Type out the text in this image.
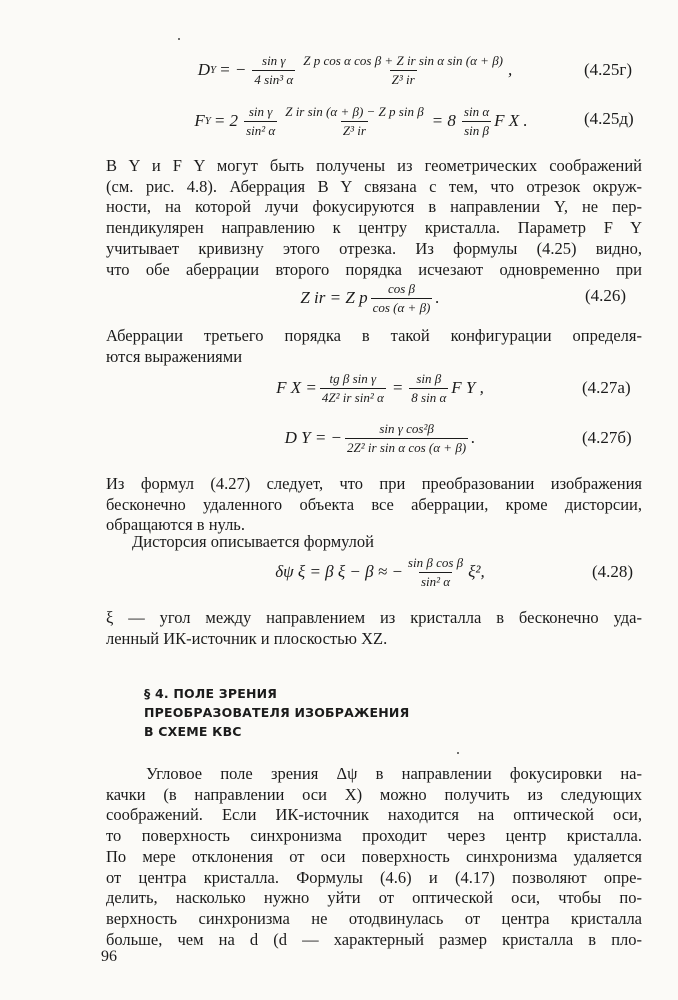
D Y = − $\frac{\text{sin γ}}{\text{4 sin³ α}} \frac{\text{Z p cos α cos β + Z ir sin α sin (α + β)}}{\text{Z³ ir}}$ ,	(4.25г)
F $Y = 2 \frac{\text{sin γ}}{\text{sin² α}} \frac{\text{Z ir sin (α + β) − Z p sin β}}{\text{Z³ ir}} = 8 \frac{\text{sin α}}{\text{sin β}}$ F X .	(4.25д)
B Y и F Y могут быть получены из геометрических соображений
(см. рис. 4.8). Аберрация B Y связана с тем, что отрезок окруж-
ности, на которой лучи фокусируются в направлении Y, не пер-
пендикулярен направлению к центру кристалла. Параметр F Y
учитывает кривизну этого отрезка. Из формулы (4.25) видно,
что обе аберрации второго порядка исчезают одновременно при
Z ir = Z p $\frac{\text{cos β}}{\cos (\alpha + \beta)}$ .	(4.26)
Аберрации третьего порядка в такой конфигурации определя-
ются выражениями
F $X = \frac{\text{tg β sin γ}}{\text{4Z² ir sin² α}} = \frac{\text{sin β}}{\text{8 sin α}}$ F Y ,	(4.27а)
D Y = − $\frac{\text{sin γ cos²β}}{\text{2Z² ir sin α cos (α + β)}}$ .	(4.27б)
Из формул (4.27) следует, что при преобразовании изображения
бесконечно удаленного объекта все аберрации, кроме дисторсии,
обращаются в нуль.
Дисторсия описывается формулой
δψ ξ = β ξ − β ≈ − $\frac{\text{sin β cos β}}{\text{sin² α}} \xi^2$,	(4.28)
ξ — угол между направлением из кристалла в бесконечно уда-
ленный ИК-источник и плоскостью XZ.
§ 4. ПОЛЕ ЗРЕНИЯ
ПРЕОБРАЗОВАТЕЛЯ ИЗОБРАЖЕНИЯ
В СХЕМЕ КВС
Угловое поле зрения Δψ в направлении фокусировки на-
качки (в направлении оси X) можно получить из следующих
соображений. Если ИК-источник находится на оптической оси,
то поверхность синхронизма проходит через центр кристалла.
По мере отклонения от оси поверхность синхронизма удаляется
от центра кристалла. Формулы (4.6) и (4.17) позволяют опре-
делить, насколько нужно уйти от оптической оси, чтобы по-
верхность синхронизма не отодвинулась от центра кристалла
больше, чем на d (d — характерный размер кристалла в пло-
96
